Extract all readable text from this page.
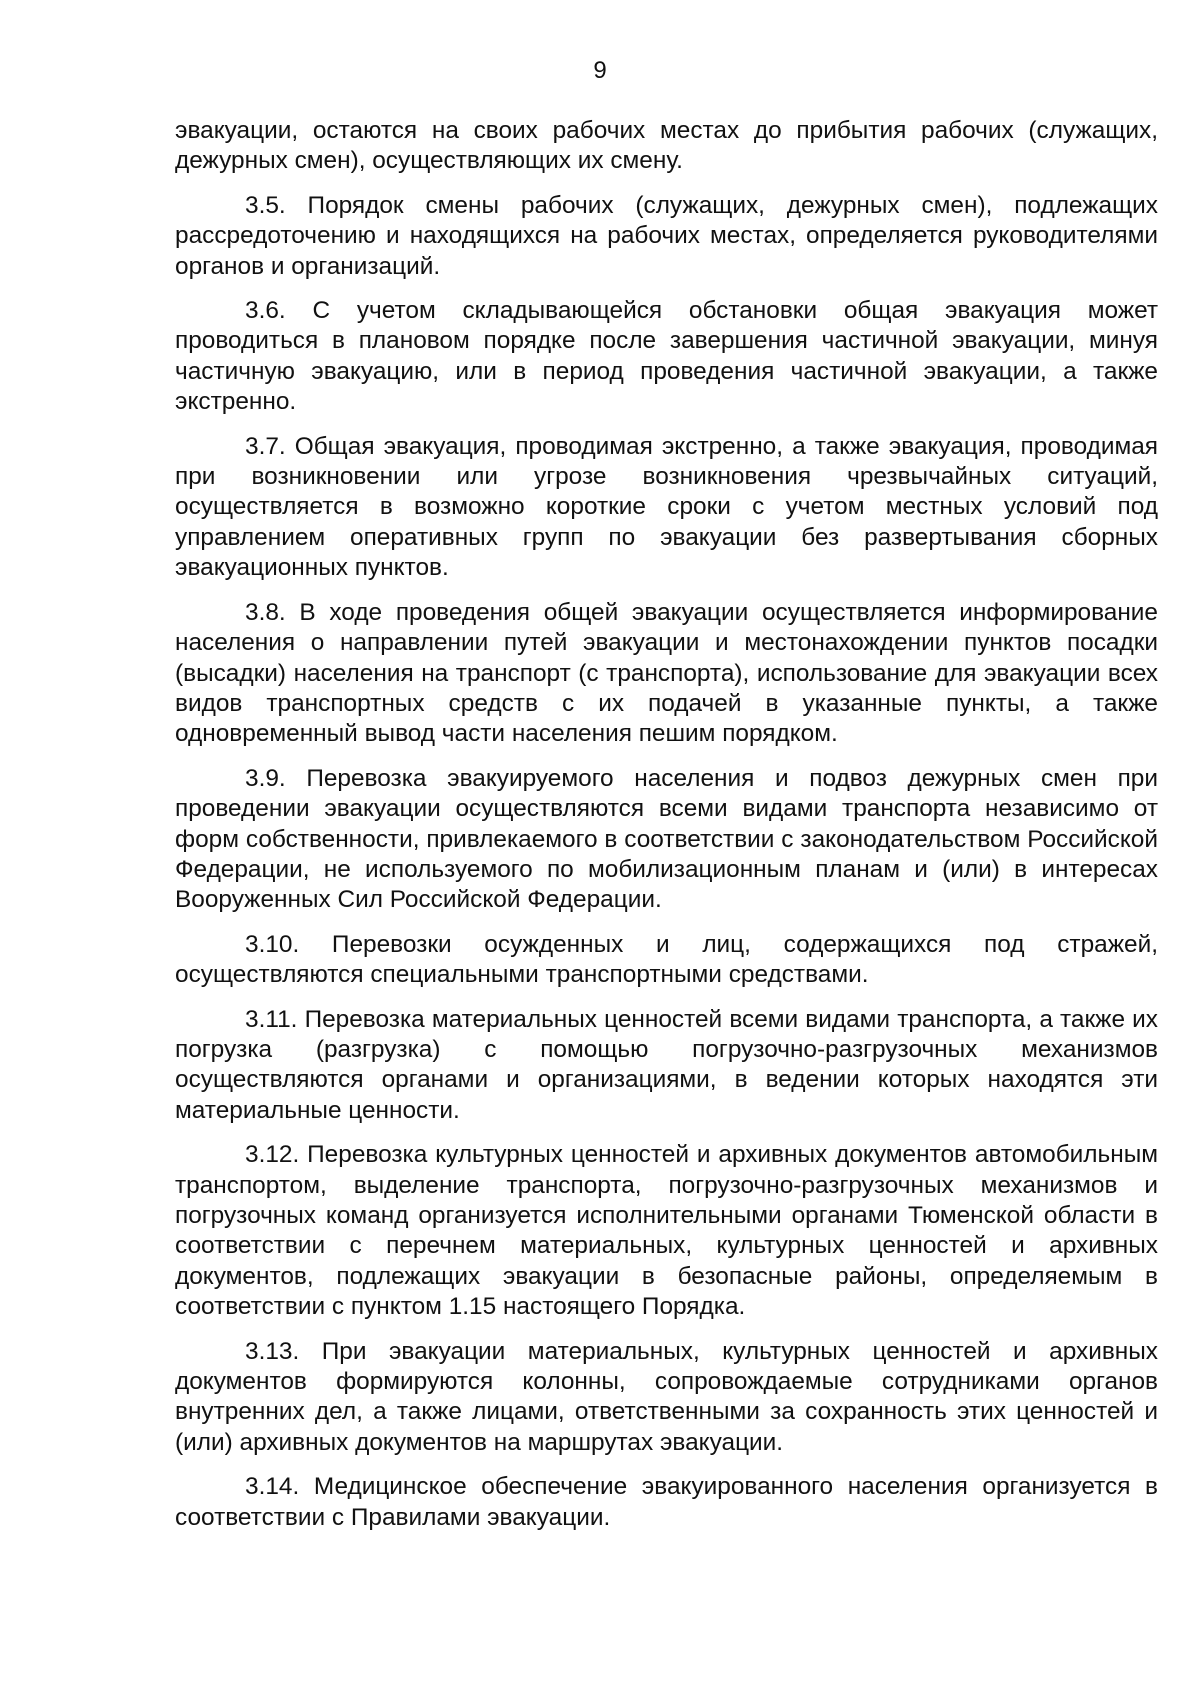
9

эвакуации, остаются на своих рабочих местах до прибытия рабочих (служащих, дежурных смен), осуществляющих их смену.

3.5. Порядок смены рабочих (служащих, дежурных смен), подлежащих рассредоточению и находящихся на рабочих местах, определяется руководителями органов и организаций.

3.6. С учетом складывающейся обстановки общая эвакуация может проводиться в плановом порядке после завершения частичной эвакуации, минуя частичную эвакуацию, или в период проведения частичной эвакуации, а также экстренно.

3.7. Общая эвакуация, проводимая экстренно, а также эвакуация, проводимая при возникновении или угрозе возникновения чрезвычайных ситуаций, осуществляется в возможно короткие сроки с учетом местных условий под управлением оперативных групп по эвакуации без развертывания сборных эвакуационных пунктов.

3.8. В ходе проведения общей эвакуации осуществляется информирование населения о направлении путей эвакуации и местонахождении пунктов посадки (высадки) населения на транспорт (с транспорта), использование для эвакуации всех видов транспортных средств с их подачей в указанные пункты, а также одновременный вывод части населения пешим порядком.

3.9. Перевозка эвакуируемого населения и подвоз дежурных смен при проведении эвакуации осуществляются всеми видами транспорта независимо от форм собственности, привлекаемого в соответствии с законодательством Российской Федерации, не используемого по мобилизационным планам и (или) в интересах Вооруженных Сил Российской Федерации.

3.10. Перевозки осужденных и лиц, содержащихся под стражей, осуществляются специальными транспортными средствами.

3.11. Перевозка материальных ценностей всеми видами транспорта, а также их погрузка (разгрузка) с помощью погрузочно-разгрузочных механизмов осуществляются органами и организациями, в ведении которых находятся эти материальные ценности.

3.12. Перевозка культурных ценностей и архивных документов автомобильным транспортом, выделение транспорта, погрузочно-разгрузочных механизмов и погрузочных команд организуется исполнительными органами Тюменской области в соответствии с перечнем материальных, культурных ценностей и архивных документов, подлежащих эвакуации в безопасные районы, определяемым в соответствии с пунктом 1.15 настоящего Порядка.

3.13. При эвакуации материальных, культурных ценностей и архивных документов формируются колонны, сопровождаемые сотрудниками органов внутренних дел, а также лицами, ответственными за сохранность этих ценностей и (или) архивных документов на маршрутах эвакуации.

3.14. Медицинское обеспечение эвакуированного населения организуется в соответствии с Правилами эвакуации.
